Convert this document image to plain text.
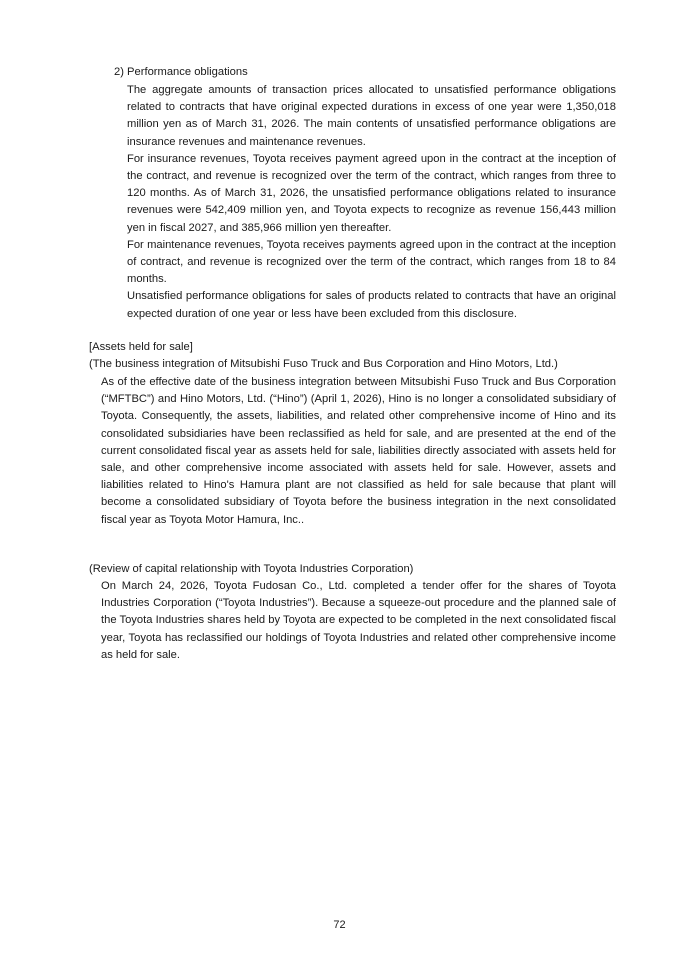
2) Performance obligations

The aggregate amounts of transaction prices allocated to unsatisfied performance obligations related to contracts that have original expected durations in excess of one year were 1,350,018 million yen as of March 31, 2026. The main contents of unsatisfied performance obligations are insurance revenues and maintenance revenues.

For insurance revenues, Toyota receives payment agreed upon in the contract at the inception of the contract, and revenue is recognized over the term of the contract, which ranges from three to 120 months. As of March 31, 2026, the unsatisfied performance obligations related to insurance revenues were 542,409 million yen, and Toyota expects to recognize as revenue 156,443 million yen in fiscal 2027, and 385,966 million yen thereafter.

For maintenance revenues, Toyota receives payments agreed upon in the contract at the inception of contract, and revenue is recognized over the term of the contract, which ranges from 18 to 84 months.

Unsatisfied performance obligations for sales of products related to contracts that have an original expected duration of one year or less have been excluded from this disclosure.

[Assets held for sale]
(The business integration of Mitsubishi Fuso Truck and Bus Corporation and Hino Motors, Ltd.)

As of the effective date of the business integration between Mitsubishi Fuso Truck and Bus Corporation (“MFTBC”) and Hino Motors, Ltd. (“Hino”) (April 1, 2026), Hino is no longer a consolidated subsidiary of Toyota. Consequently, the assets, liabilities, and related other comprehensive income of Hino and its consolidated subsidiaries have been reclassified as held for sale, and are presented at the end of the current consolidated fiscal year as assets held for sale, liabilities directly associated with assets held for sale, and other comprehensive income associated with assets held for sale. However, assets and liabilities related to Hino's Hamura plant are not classified as held for sale because that plant will become a consolidated subsidiary of Toyota before the business integration in the next consolidated fiscal year as Toyota Motor Hamura, Inc..

(Review of capital relationship with Toyota Industries Corporation)

On March 24, 2026, Toyota Fudosan Co., Ltd. completed a tender offer for the shares of Toyota Industries Corporation (“Toyota Industries”). Because a squeeze-out procedure and the planned sale of the Toyota Industries shares held by Toyota are expected to be completed in the next consolidated fiscal year, Toyota has reclassified our holdings of Toyota Industries and related other comprehensive income as held for sale.

72
